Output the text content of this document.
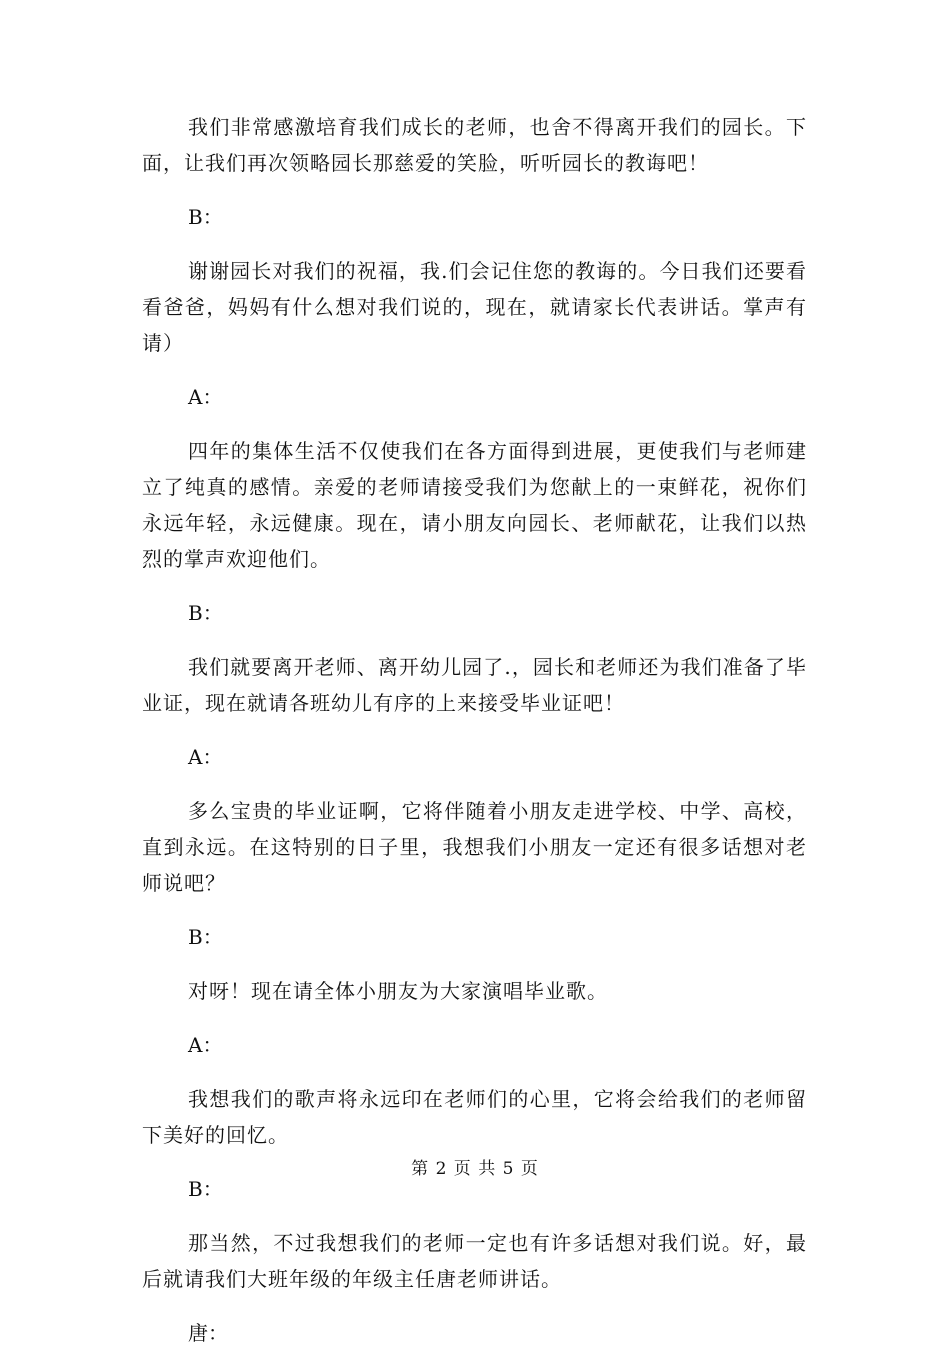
我们非常感激培育我们成长的老师，也舍不得离开我们的园长。下面，让我们再次领略园长那慈爱的笑脸，听听园长的教诲吧！

B：

谢谢园长对我们的祝福，我.们会记住您的教诲的。今日我们还要看看爸爸，妈妈有什么想对我们说的，现在，就请家长代表讲话。掌声有请）

A：

四年的集体生活不仅使我们在各方面得到进展，更使我们与老师建立了纯真的感情。亲爱的老师请接受我们为您献上的一束鲜花，祝你们永远年轻，永远健康。现在，请小朋友向园长、老师献花，让我们以热烈的掌声欢迎他们。

B：

我们就要离开老师、离开幼儿园了.，园长和老师还为我们准备了毕业证，现在就请各班幼儿有序的上来接受毕业证吧！

A：

多么宝贵的毕业证啊，它将伴随着小朋友走进学校、中学、高校，直到永远。在这特别的日子里，我想我们小朋友一定还有很多话想对老师说吧？

B：

对呀！现在请全体小朋友为大家演唱毕业歌。

A：

我想我们的歌声将永远印在老师们的心里，它将会给我们的老师留下美好的回忆。

B：

那当然，不过我想我们的老师一定也有许多话想对我们说。好，最后就请我们大班年级的年级主任唐老师讲话。

唐：

第 2 页 共 5 页
